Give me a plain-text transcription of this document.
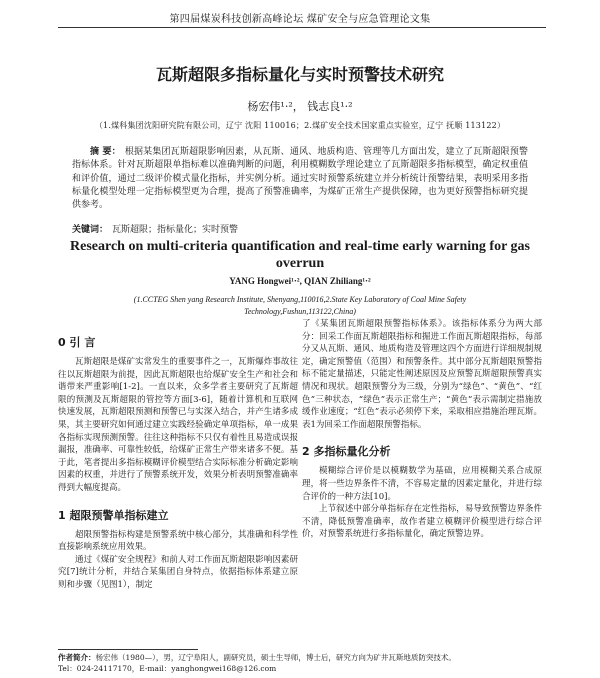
第四届煤炭科技创新高峰论坛 煤矿安全与应急管理论文集
瓦斯超限多指标量化与实时预警技术研究
杨宏伟¹·²， 钱志良¹·²
（1.煤科集团沈阳研究院有限公司，辽宁 沈阳 110016；2.煤矿安全技术国家重点实验室，辽宁 抚顺 113122）
摘 要： 根据某集团瓦斯超限影响因素，从瓦斯、通风、地质构造、管理等几方面出发，建立了瓦斯超限预警指标体系。针对瓦斯超限单指标难以准确判断的问题，利用模糊数学理论建立了瓦斯超限多指标模型，确定权重值和评价值，通过二级评价模式量化指标，并实例分析。通过实时预警系统建立并分析统计预警结果，表明采用多指标量化模型处理一定指标模型更为合理，提高了预警准确率，为煤矿正常生产提供保障，也为更好预警指标研究提供参考。
关键词： 瓦斯超限；指标量化；实时预警
Research on multi-criteria quantification and real-time early warning for gas overrun
YANG Hongwei¹·², QIAN Zhiliang¹·²
(1.CCTEG Shen yang Research Institute, Shenyang,110016,2.State Key Laboratory of Coal Mine Safety Technology,Fushun,113122,China)
0 引 言

瓦斯超限是煤矿实常发生的重要事件之一，瓦斯爆炸事故往往以瓦斯超限为前提，因此瓦斯超限也给煤矿安全生产和社会和谐带来严重影响[1-2]。一直以来，众多学者主要研究了瓦斯超限的预测及瓦斯超限的管控等方面[3-6]，随着计算机和互联网快速发展，瓦斯超限预测和预警已与实深入结合，并产生诸多成果，其主要研究如何通过建立实践经验确定单项指标，单一成果各指标实现预测预警。往往这种指标不只仅有着性且易造成误报漏报，准确率、可靠性较低，给煤矿正常生产带来诸多不便。基于此，笔者提出多指标模糊评价模型结合实际标准分析确定影响因素的权重，并进行了预警系统开发，效果分析表明预警准确率得到大幅度提高。

1 超限预警单指标建立

超限预警指标构建是预警系统中核心部分，其准确和科学性直接影响系统应用效果。

通过《煤矿安全规程》和前人对工作面瓦斯超限影响因素研究[7]统计分析，并结合某集团自身特点，依据指标体系建立原则和步骤（见图1），制定

了《某集团瓦斯超限预警指标体系》。该指标体系分为两大部分：回采工作面瓦斯超限指标和掘进工作面瓦斯超限指标，每部分又从瓦斯、通风、地质构造及管理这四个方面进行详细规制规定，确定预警值（范围）和预警条件。其中部分瓦斯超限预警指标不能定量描述，只能定性阐述原因及应预警瓦斯超限预警真实情况和现状。超限预警分为三级，分别为“绿色”、“黄色”、“红色”三种状态，“绿色”表示正常生产；“黄色”表示需制定措施放缓作业速度；“红色”表示必须停下来，采取相应措施治理瓦斯。表1为回采工作面超限预警指标。

2 多指标量化分析

模糊综合评价是以模糊数学为基础，应用模糊关系合成原理，将一些边界条件不清，不容易定量的因素定量化，并进行综合评价的一种方法[10]。

上节叙述中部分单指标存在定性指标，易导致预警边界条件不清，降低预警准确率，故作者建立模糊评价模型进行综合评价，对预警系统进行多指标量化，确定预警边界。

作者简介：杨宏伟（1980—），男，辽宁阜阳人，副研究员，硕士生导师，博士后，研究方向为矿井瓦斯地质防突技术。
Tel：024-24117170，E-mail：yanghongwei168@126.com
